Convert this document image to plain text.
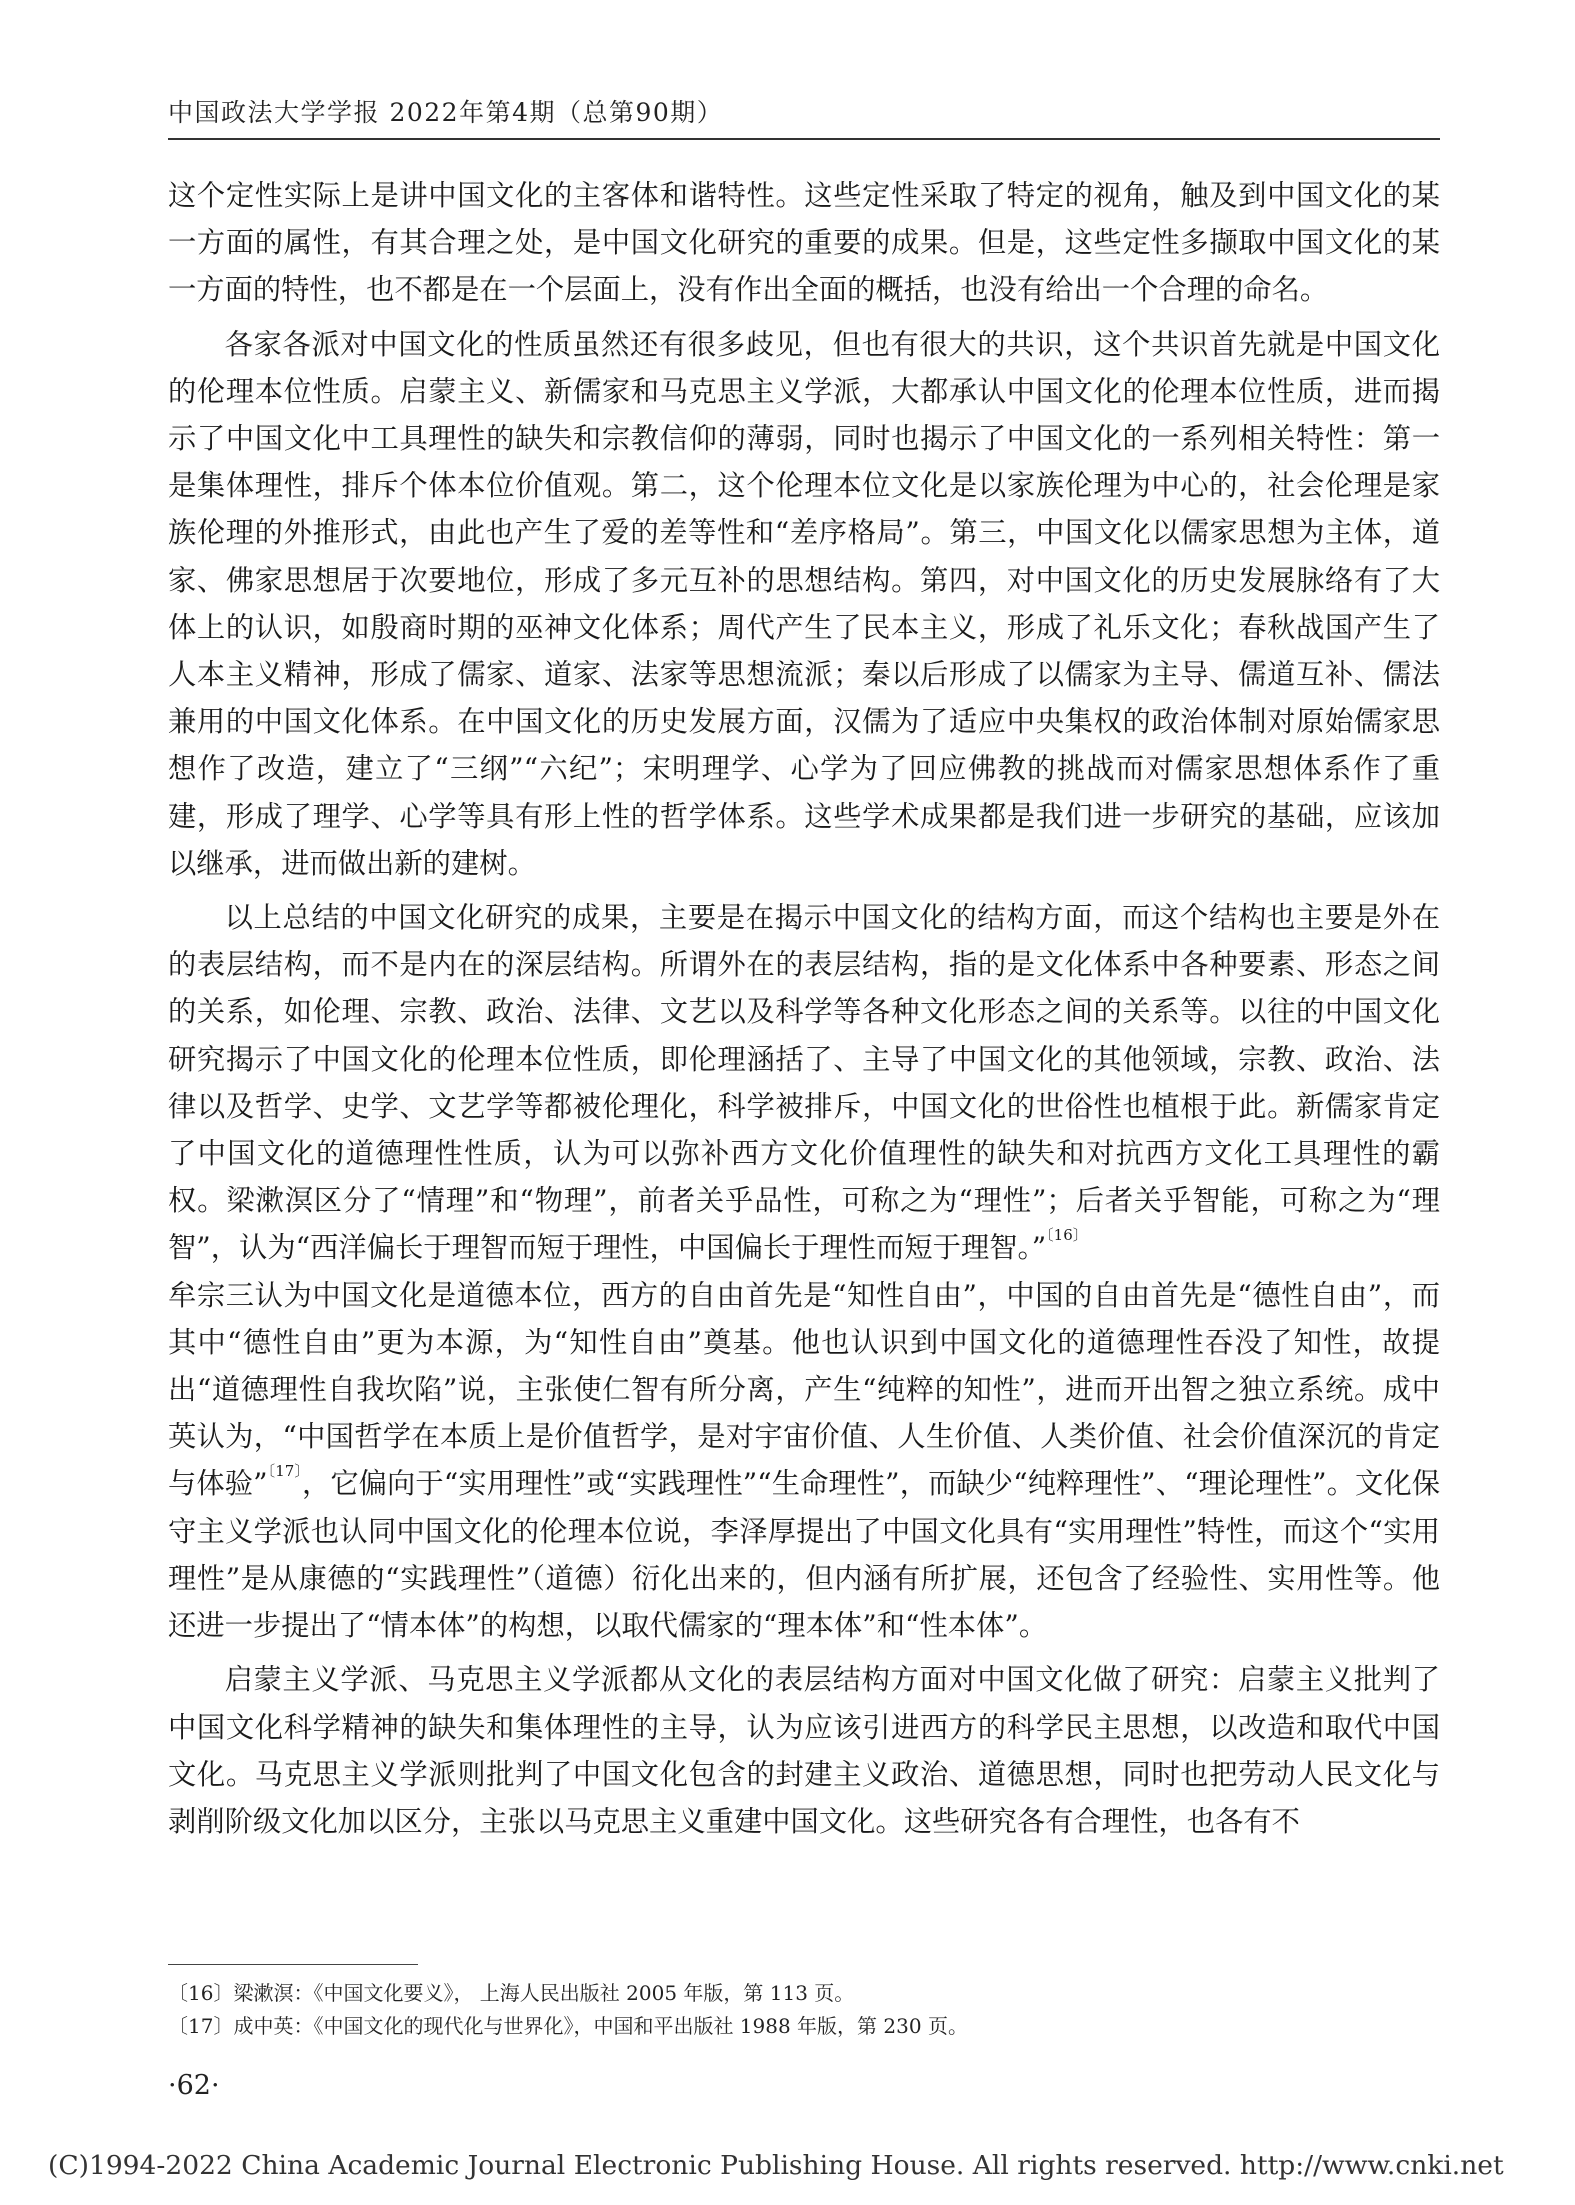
中国政法大学学报 2022年第4期（总第90期）

这个定性实际上是讲中国文化的主客体和谐特性。这些定性采取了特定的视角，触及到中国文化的某一方面的属性，有其合理之处，是中国文化研究的重要的成果。但是，这些定性多撷取中国文化的某一方面的特性，也不都是在一个层面上，没有作出全面的概括，也没有给出一个合理的命名。

各家各派对中国文化的性质虽然还有很多歧见，但也有很大的共识，这个共识首先就是中国文化的伦理本位性质。启蒙主义、新儒家和马克思主义学派，大都承认中国文化的伦理本位性质，进而揭示了中国文化中工具理性的缺失和宗教信仰的薄弱，同时也揭示了中国文化的一系列相关特性：第一是集体理性，排斥个体本位价值观。第二，这个伦理本位文化是以家族伦理为中心的，社会伦理是家族伦理的外推形式，由此也产生了爱的差等性和“差序格局”。第三，中国文化以儒家思想为主体，道家、佛家思想居于次要地位，形成了多元互补的思想结构。第四，对中国文化的历史发展脉络有了大体上的认识，如殷商时期的巫神文化体系；周代产生了民本主义，形成了礼乐文化；春秋战国产生了人本主义精神，形成了儒家、道家、法家等思想流派；秦以后形成了以儒家为主导、儒道互补、儒法兼用的中国文化体系。在中国文化的历史发展方面，汉儒为了适应中央集权的政治体制对原始儒家思想作了改造，建立了“三纲”“六纪”；宋明理学、心学为了回应佛教的挑战而对儒家思想体系作了重建，形成了理学、心学等具有形上性的哲学体系。这些学术成果都是我们进一步研究的基础，应该加以继承，进而做出新的建树。

以上总结的中国文化研究的成果，主要是在揭示中国文化的结构方面，而这个结构也主要是外在的表层结构，而不是内在的深层结构。所谓外在的表层结构，指的是文化体系中各种要素、形态之间的关系，如伦理、宗教、政治、法律、文艺以及科学等各种文化形态之间的关系等。以往的中国文化研究揭示了中国文化的伦理本位性质，即伦理涵括了、主导了中国文化的其他领域，宗教、政治、法律以及哲学、史学、文艺学等都被伦理化，科学被排斥，中国文化的世俗性也植根于此。新儒家肯定了中国文化的道德理性性质，认为可以弥补西方文化价值理性的缺失和对抗西方文化工具理性的霸权。梁漱溟区分了“情理”和“物理”，前者关乎品性，可称之为“理性”；后者关乎智能，可称之为“理智”，认为“西洋偏长于理智而短于理性，中国偏长于理性而短于理智。”$^{〔16〕}$
牟宗三认为中国文化是道德本位，西方的自由首先是“知性自由”，中国的自由首先是“德性自由”，而其中“德性自由”更为本源，为“知性自由”奠基。他也认识到中国文化的道德理性吞没了知性，故提出“道德理性自我坎陷”说，主张使仁智有所分离，产生“纯粹的知性”，进而开出智之独立系统。成中英认为，“中国哲学在本质上是价值哲学，是对宇宙价值、人生价值、人类价值、社会价值深沉的肯定与体验”$^{〔17〕}$，它偏向于“实用理性”或“实践理性”“生命理性”，而缺少“纯粹理性”、“理论理性”。文化保守主义学派也认同中国文化的伦理本位说，李泽厚提出了中国文化具有“实用理性”特性，而这个“实用理性”是从康德的“实践理性”（道德）衍化出来的，但内涵有所扩展，还包含了经验性、实用性等。他还进一步提出了“情本体”的构想，以取代儒家的“理本体”和“性本体”。

启蒙主义学派、马克思主义学派都从文化的表层结构方面对中国文化做了研究：启蒙主义批判了中国文化科学精神的缺失和集体理性的主导，认为应该引进西方的科学民主思想，以改造和取代中国文化。马克思主义学派则批判了中国文化包含的封建主义政治、道德思想，同时也把劳动人民文化与剥削阶级文化加以区分，主张以马克思主义重建中国文化。这些研究各有合理性，也各有不

〔16〕梁漱溟：《中国文化要义》， 上海人民出版社 2005 年版，第 113 页。

〔17〕成中英：《中国文化的现代化与世界化》，中国和平出版社 1988 年版，第 230 页。

·62·
(C)1994-2022 China Academic Journal Electronic Publishing House. All rights reserved. http://www.cnki.net
